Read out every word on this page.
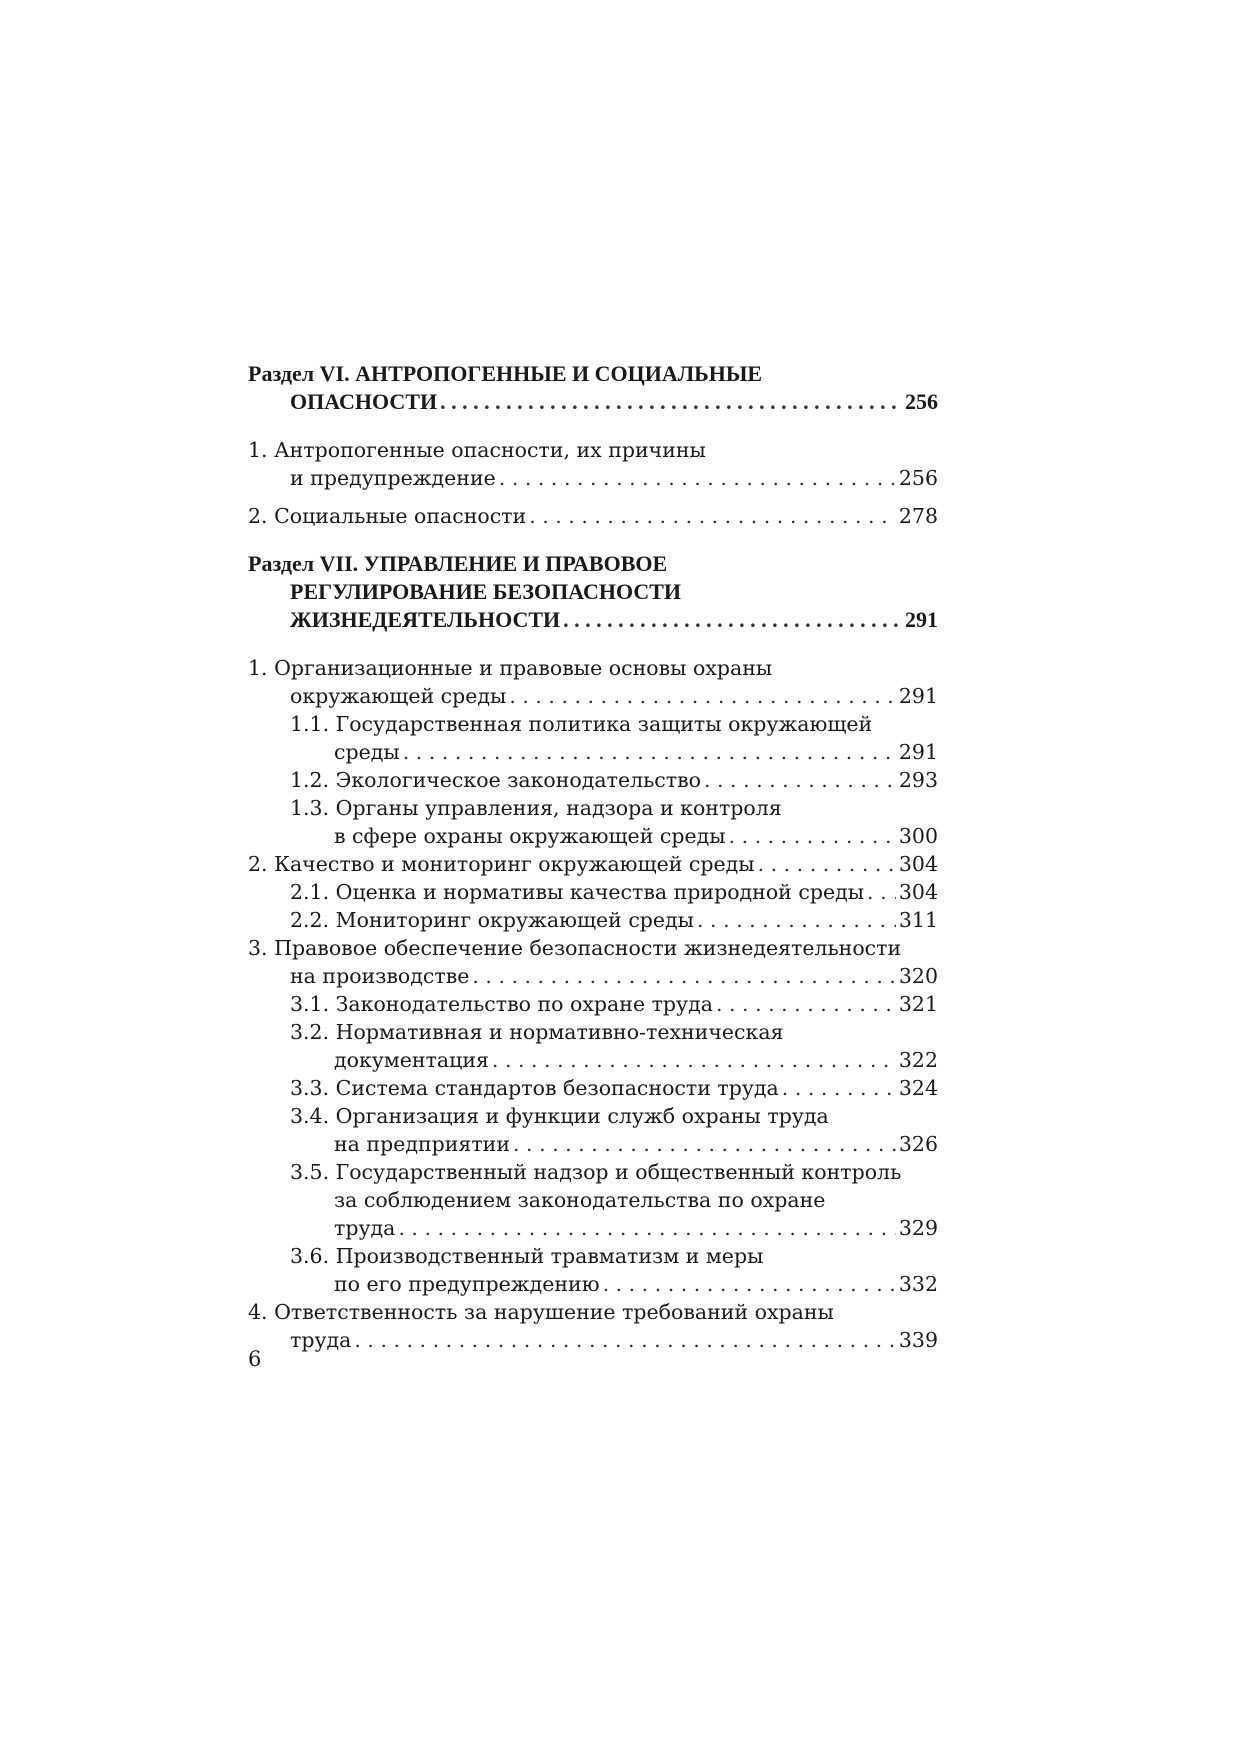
Раздел VI. АНТРОПОГЕННЫЕ И СОЦИАЛЬНЫЕ
ОПАСНОСТИ . . .	256
1. Антропогенные опасности, их причины
и предупреждение . . .	256
2. Социальные опасности . . .	278
Раздел VII. УПРАВЛЕНИЕ И ПРАВОВОЕ
РЕГУЛИРОВАНИЕ БЕЗОПАСНОСТИ
ЖИЗНЕДЕЯТЕЛЬНОСТИ . . .	291
1. Организационные и правовые основы охраны
окружающей среды . . .	291
1.1. Государственная политика защиты окружающей
среды . . .	291
1.2. Экологическое законодательство . . .	293
1.3. Органы управления, надзора и контроля
в сфере охраны окружающей среды . . .	300
2. Качество и мониторинг окружающей среды . . .	304
2.1. Оценка и нормативы качества природной среды . . . 304
2.2. Мониторинг окружающей среды . . .	311
3. Правовое обеспечение безопасности жизнедеятельности
на производстве . . .	320
3.1. Законодательство по охране труда . . .	321
3.2. Нормативная и нормативно-техническая
документация . . .	322
3.3. Система стандартов безопасности труда . . .	324
3.4. Организация и функции служб охраны труда
на предприятии . . .	326
3.5. Государственный надзор и общественный контроль
за соблюдением законодательства по охране
труда . . .	329
3.6. Производственный травматизм и меры
по его предупреждению . . .	332
4. Ответственность за нарушение требований охраны
труда . . .	339
6
